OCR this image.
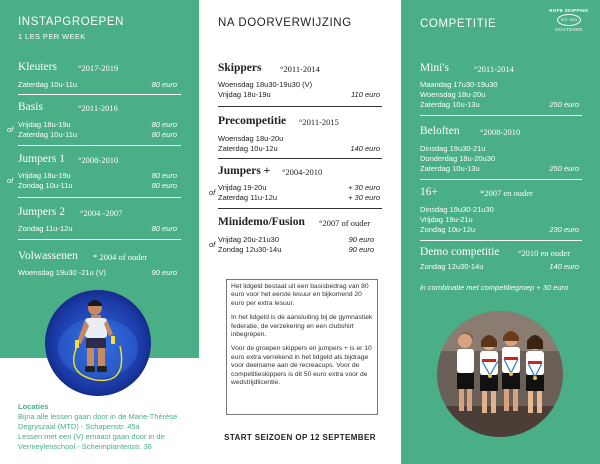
INSTAPGROEPEN
1 LES PER WEEK
Kleuters °2017-2019
Zaterdag 10u-11u	80 euro
Basis	°2011-2016
of
Vrijdag 18u-19u	80 euro
Zaterdag 10u-11u	80 euro
Jumpers 1 °2008-2010
of
Vrijdag 18u-19u	80 euro
Zondag 10u-11u	80 euro
Jumpers 2 °2004 -2007
Zondag 11u-12u	80 euro
Volwassenen * 2004 of ouder
Woensdag 19u30 -21u (V)	90 euro
Locaties
Bijna alle lessen gaan door in de Marie-Thérèse
Degryszaal (MTD) - Schapenstr. 45a
Lessen met een (V) ernaast gaan door in de
Vermeylenschool - Scheimplantenstr. 36
NA DOORVERWIJZING
Skippers °2011-2014
Woensdag 18u30-19u30 (V)
Vrijdag 18u-19u	110 euro
Precompetitie °2011-2015
Woensdag 18u-20u
Zaterdag 10u-12u	140 euro
Jumpers + °2004-2010
of
Vrijdag 19-20u	+ 30 euro
Zaterdag 11u-12u	+ 30 euro
Minidemo/Fusion °2007 of ouder
of
Vrijdag 20u-21u30	90 euro
Zondag 12u30-14u	90 euro

Het lidgeld bestaat uit een basisbedrag van 80 euro voor het eerste lesuur en bijkomend 20 euro per extra lesuur.

In het lidgeld is de aansluiting bij de gymnastiek federatie, de verzekering en een clubshirt inbegrepen.

Voor de groepen skippers en jumpers + is er 10 euro extra verrekend in het lidgeld als bijdrage voor deelname aan de recreacups. Voor de competitieskippers is dit 50 euro extra voor de wedstrijdlicentie.

START SEIZOEN OP 12 SEPTEMBER
COMPETITIE
ROPE SKIPPING
EST. 2003
OOSTENDE
Mini's	°2011-2014
Maandag 17u30-19u30
Woensdag 18u-20u
Zaterdag 10u-13u	250 euro
Beloften °2008-2010
Dinsdag 19u30-21u
Donderdag 18u-20u30
Zaterdag 10u-13u	250 euro
16+	*2007 en ouder
Dinsdag 19u30-21u30
Vrijdag 19u-21u
Zondag 10u-12u	230 euro
Demo competitie °2010 en ouder
Zondag 12u30-14u	140 euro
in combinatie met competitiegroep + 30 euro
